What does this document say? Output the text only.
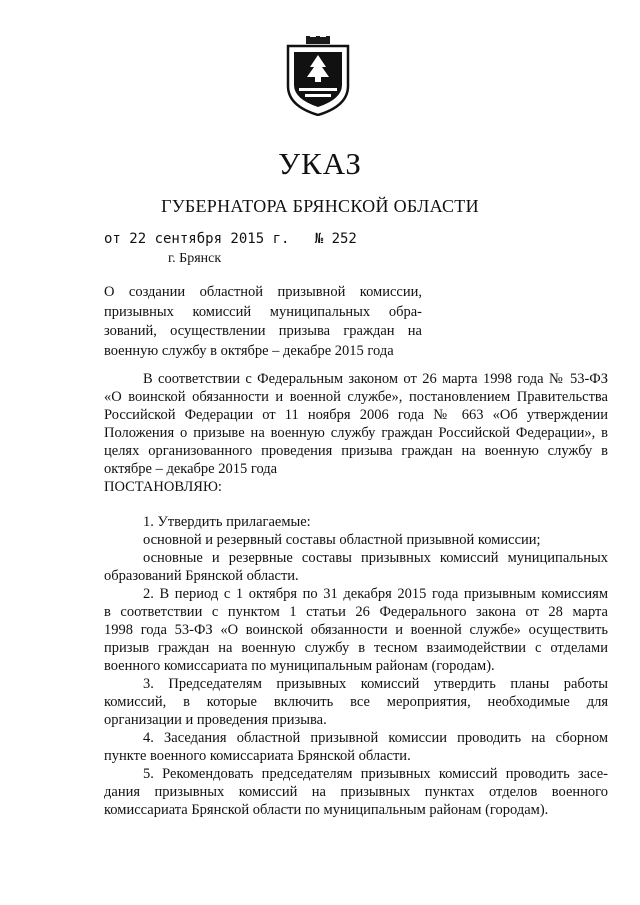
УКАЗ
ГУБЕРНАТОРА БРЯНСКОЙ ОБЛАСТИ
от 22 сентября 2015 г.   № 252
г. Брянск
О создании областной призывной комиссии,
призывных комиссий муниципальных обра-
зований, осуществлении призыва граждан на
военную службу в октябре – декабре 2015 года
В соответствии с Федеральным законом от 26 марта 1998 года № 53-ФЗ
«О воинской обязанности и военной службе», постановлением Правительства
Российской Федерации от 11 ноября 2006 года № 663 «Об утверждении
Положения о призыве на военную службу граждан Российской Федерации», в
целях организованного проведения призыва граждан на военную службу в
октябре – декабре 2015 года
ПОСТАНОВЛЯЮ:
1. Утвердить прилагаемые:
основной и резервный составы областной призывной комиссии;
основные и резервные составы призывных комиссий муниципальных
образований Брянской области.
2. В период с 1 октября по 31 декабря 2015 года призывным комиссиям
в соответствии с пунктом 1 статьи 26 Федерального закона от 28 марта
1998 года 53-ФЗ «О воинской обязанности и военной службе» осуществить
призыв граждан на военную службу в тесном взаимодействии с отделами
военного комиссариата по муниципальным районам (городам).
3. Председателям призывных комиссий утвердить планы работы
комиссий, в которые включить все мероприятия, необходимые для
организации и проведения призыва.
4. Заседания областной призывной комиссии проводить на сборном
пункте военного комиссариата Брянской области.
5. Рекомендовать председателям призывных комиссий проводить засе-
дания призывных комиссий на призывных пунктах отделов военного
комиссариата Брянской области по муниципальным районам (городам).
